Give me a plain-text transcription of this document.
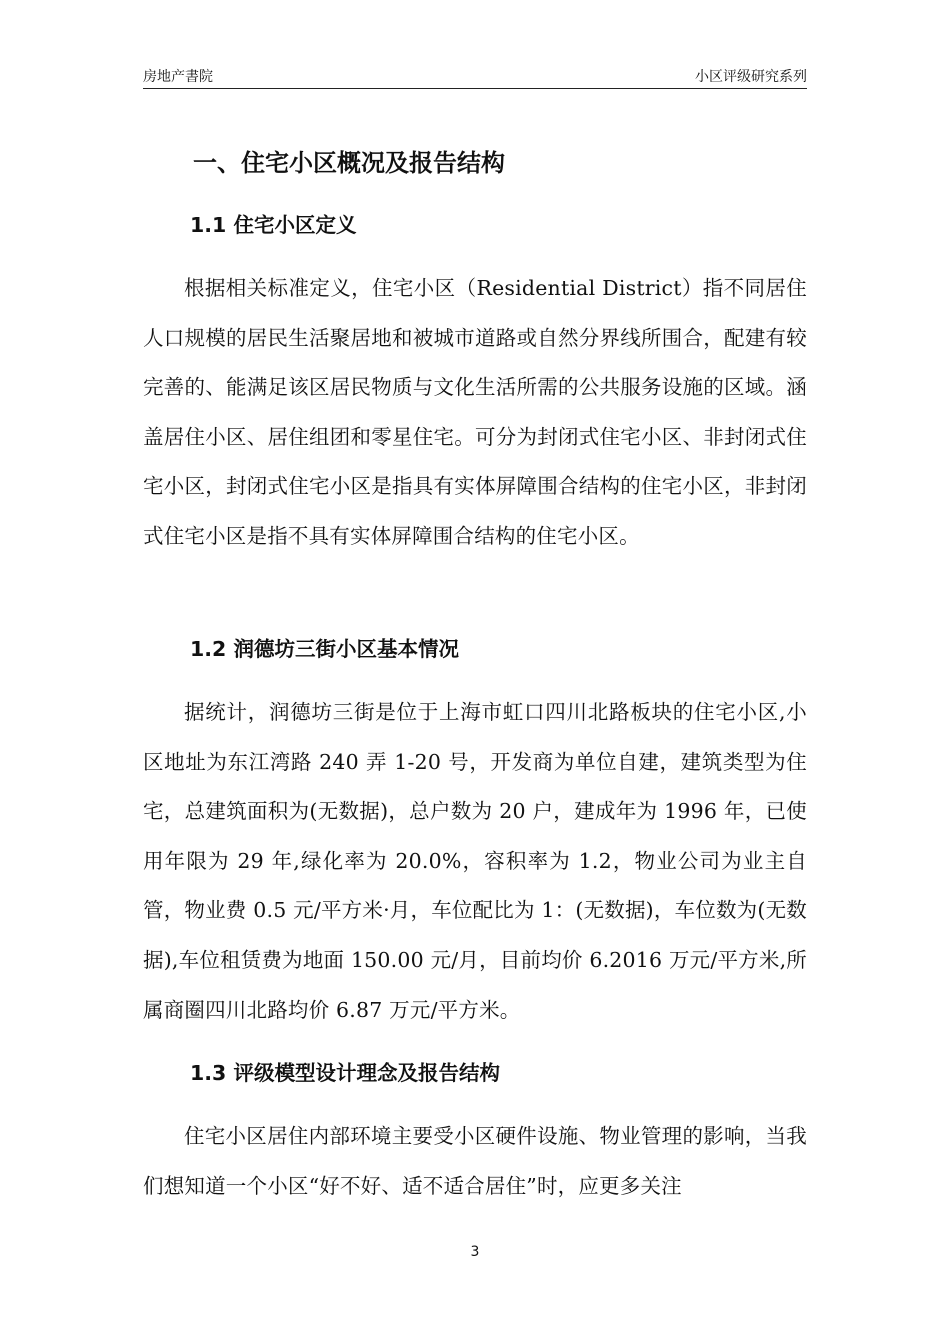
房地产書院	小区评级研究系列
一、住宅小区概况及报告结构
1.1 住宅小区定义

根据相关标准定义，住宅小区（Residential District）指不同居住人口规模的居民生活聚居地和被城市道路或自然分界线所围合，配建有较完善的、能满足该区居民物质与文化生活所需的公共服务设施的区域。涵盖居住小区、居住组团和零星住宅。可分为封闭式住宅小区、非封闭式住宅小区，封闭式住宅小区是指具有实体屏障围合结构的住宅小区，非封闭式住宅小区是指不具有实体屏障围合结构的住宅小区。

1.2 润德坊三街小区基本情况

据统计，润德坊三街是位于上海市虹口四川北路板块的住宅小区,小区地址为东江湾路 240 弄 1-20 号，开发商为单位自建，建筑类型为住宅，总建筑面积为(无数据)，总户数为 20 户，建成年为 1996 年，已使用年限为 29 年,绿化率为 20.0%，容积率为 1.2，物业公司为业主自管，物业费 0.5 元/平方米·月，车位配比为 1：(无数据)，车位数为(无数据),车位租赁费为地面 150.00 元/月，目前均价 6.2016 万元/平方米,所属商圈四川北路均价 6.87 万元/平方米。

1.3 评级模型设计理念及报告结构

住宅小区居住内部环境主要受小区硬件设施、物业管理的影响，当我们想知道一个小区“好不好、适不适合居住”时，应更多关注

3
